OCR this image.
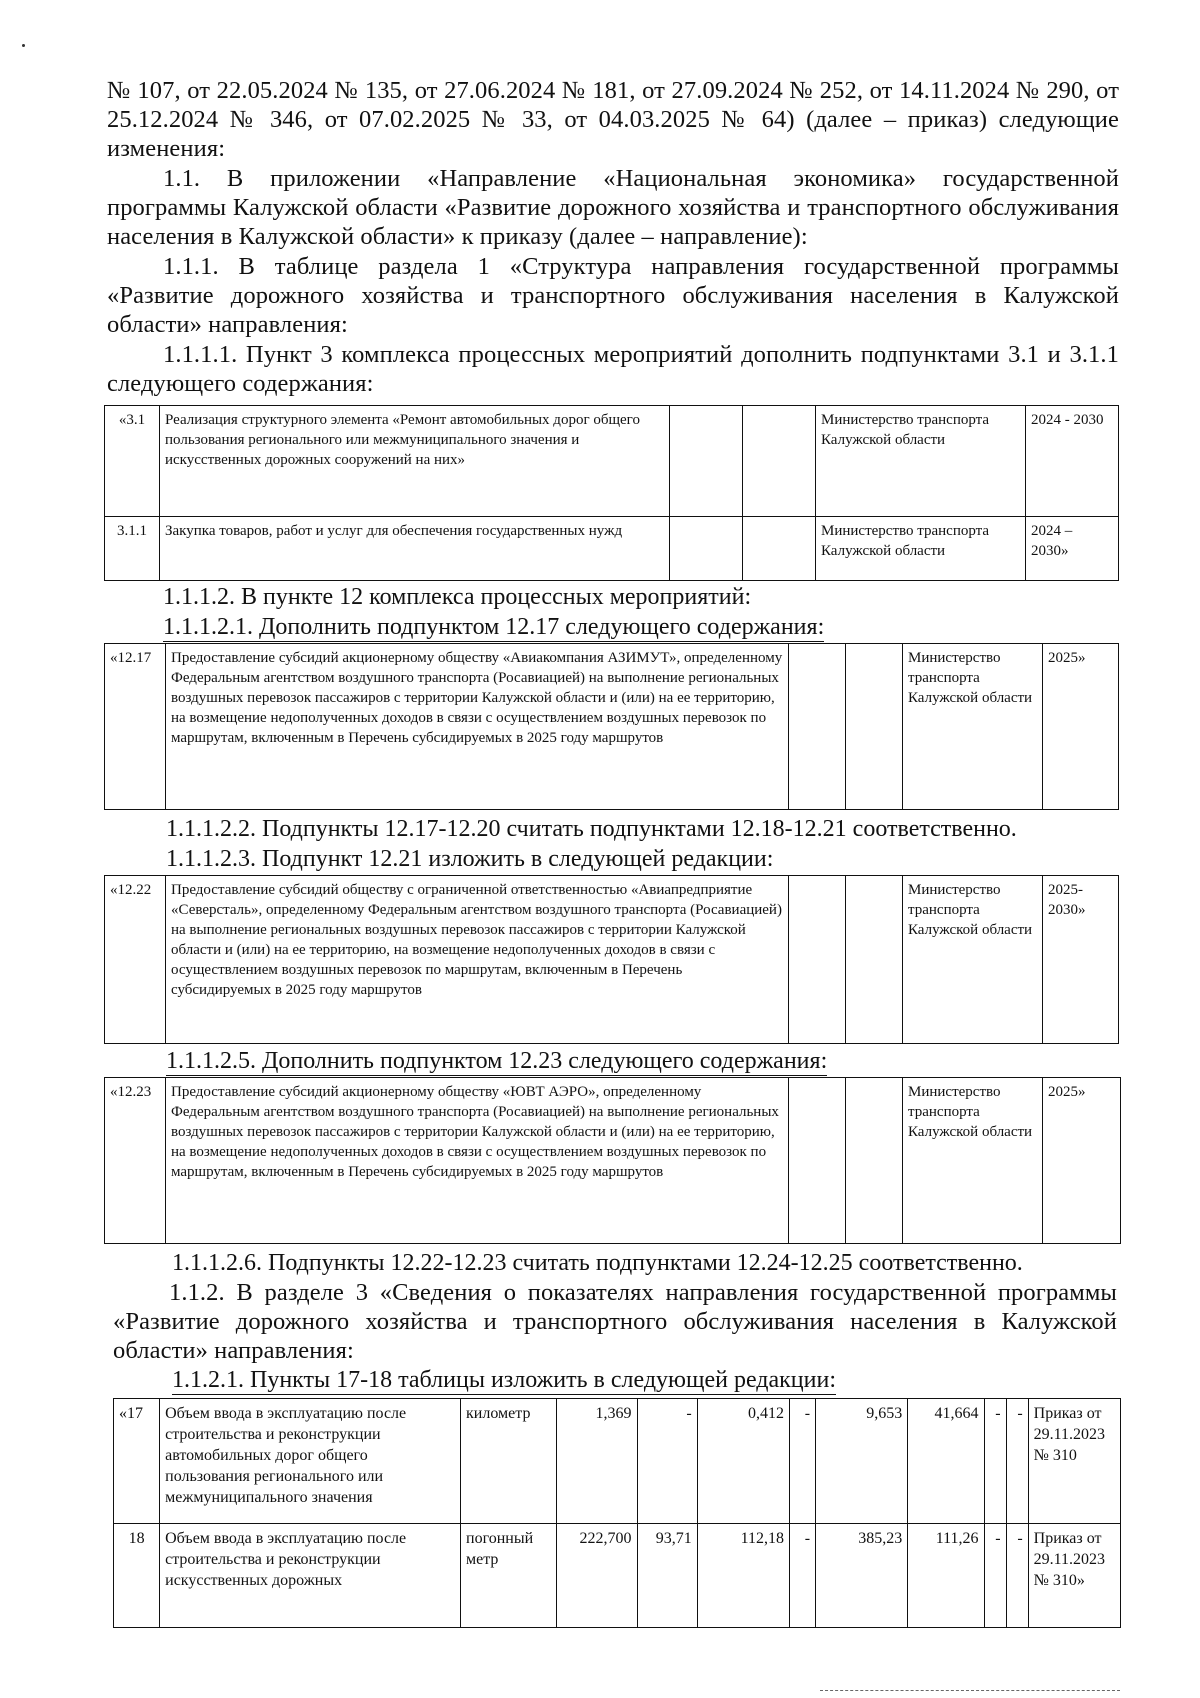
№ 107, от 22.05.2024 № 135, от 27.06.2024 № 181, от 27.09.2024 № 252, от 14.11.2024 № 290, от 25.12.2024 № 346, от 07.02.2025 № 33, от 04.03.2025 № 64) (далее – приказ) следующие изменения:

1.1. В приложении «Направление «Национальная экономика» государственной программы Калужской области «Развитие дорожного хозяйства и транспортного обслуживания населения в Калужской области» к приказу (далее – направление):

1.1.1. В таблице раздела 1 «Структура направления государственной программы «Развитие дорожного хозяйства и транспортного обслуживания населения в Калужской области» направления:

1.1.1.1. Пункт 3 комплекса процессных мероприятий дополнить подпунктами 3.1 и 3.1.1 следующего содержания:

«3.1	Реализация структурного элемента «Ремонт автомобильных дорог общего пользования регионального или межмуниципального значения и искусственных дорожных сооружений на них»			Министерство транспорта Калужской области	2024 - 2030
3.1.1	Закупка товаров, работ и услуг для обеспечения государственных нужд			Министерство транспорта Калужской области	2024 – 2030»

1.1.1.2. В пункте 12 комплекса процессных мероприятий:

1.1.1.2.1. Дополнить подпунктом 12.17 следующего содержания:

«12.17	Предоставление субсидий акционерному обществу «Авиакомпания АЗИМУТ», определенному Федеральным агентством воздушного транспорта (Росавиацией) на выполнение региональных воздушных перевозок пассажиров с территории Калужской области и (или) на ее территорию, на возмещение недополученных доходов в связи с осуществлением воздушных перевозок по маршрутам, включенным в Перечень субсидируемых в 2025 году маршрутов			Министерство транспорта Калужской области	2025»

1.1.1.2.2. Подпункты 12.17-12.20 считать подпунктами 12.18-12.21 соответственно.

1.1.1.2.3. Подпункт 12.21 изложить в следующей редакции:

«12.22	Предоставление субсидий обществу с ограниченной ответственностью «Авиапредприятие «Северсталь», определенному Федеральным агентством воздушного транспорта (Росавиацией) на выполнение региональных воздушных перевозок пассажиров с территории Калужской области и (или) на ее территорию, на возмещение недополученных доходов в связи с осуществлением воздушных перевозок по маршрутам, включенным в Перечень субсидируемых в 2025 году маршрутов			Министерство транспорта Калужской области	2025- 2030»

1.1.1.2.5. Дополнить подпунктом 12.23 следующего содержания:

«12.23	Предоставление субсидий акционерному обществу «ЮВТ АЭРО», определенному Федеральным агентством воздушного транспорта (Росавиацией) на выполнение региональных воздушных перевозок пассажиров с территории Калужской области и (или) на ее территорию, на возмещение недополученных доходов в связи с осуществлением воздушных перевозок по маршрутам, включенным в Перечень субсидируемых в 2025 году маршрутов			Министерство транспорта Калужской области	2025»

1.1.1.2.6. Подпункты 12.22-12.23 считать подпунктами 12.24-12.25 соответственно.

1.1.2. В разделе 3 «Сведения о показателях направления государственной программы «Развитие дорожного хозяйства и транспортного обслуживания населения в Калужской области» направления:

1.1.2.1. Пункты 17-18 таблицы изложить в следующей редакции:

«17	Объем ввода в эксплуатацию после строительства и реконструкции автомобильных дорог общего пользования регионального или межмуниципального значения	километр	1,369	-	0,412	-	9,653	41,664	-	-	Приказ от 29.11.2023 № 310
18	Объем ввода в эксплуатацию после строительства и реконструкции искусственных дорожных	погонный метр	222,700	93,71	112,18	-	385,23	111,26	-	-	Приказ от 29.11.2023 № 310»
